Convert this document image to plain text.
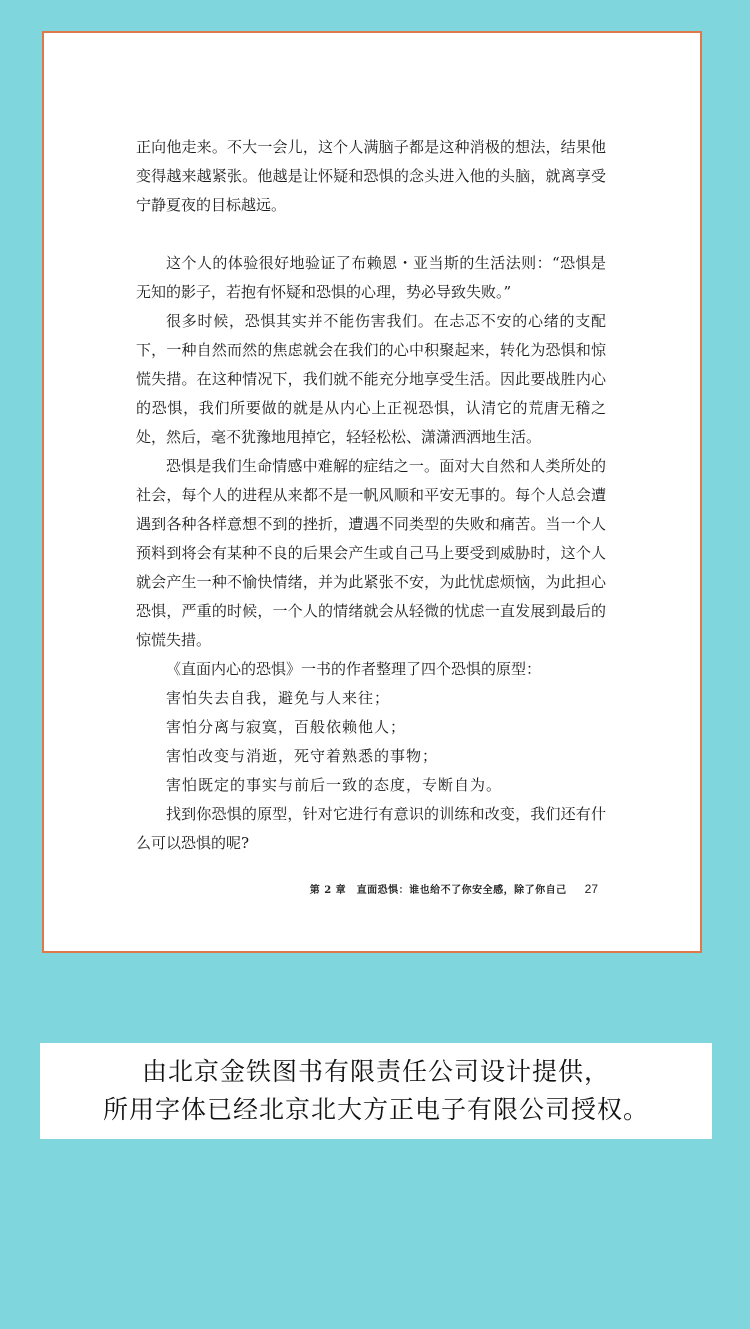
正向他走来。不大一会儿，这个人满脑子都是这种消极的想法，结果他变得越来越紧张。他越是让怀疑和恐惧的念头进入他的头脑，就离享受宁静夏夜的目标越远。

这个人的体验很好地验证了布赖恩・亚当斯的生活法则：“恐惧是无知的影子，若抱有怀疑和恐惧的心理，势必导致失败。”

很多时候，恐惧其实并不能伤害我们。在忐忑不安的心绪的支配下，一种自然而然的焦虑就会在我们的心中积聚起来，转化为恐惧和惊慌失措。在这种情况下，我们就不能充分地享受生活。因此要战胜内心的恐惧，我们所要做的就是从内心上正视恐惧，认清它的荒唐无稽之处，然后，毫不犹豫地甩掉它，轻轻松松、潇潇洒洒地生活。

恐惧是我们生命情感中难解的症结之一。面对大自然和人类所处的社会，每个人的进程从来都不是一帆风顺和平安无事的。每个人总会遭遇到各种各样意想不到的挫折，遭遇不同类型的失败和痛苦。当一个人预料到将会有某种不良的后果会产生或自己马上要受到威胁时，这个人就会产生一种不愉快情绪，并为此紧张不安，为此忧虑烦恼，为此担心恐惧，严重的时候，一个人的情绪就会从轻微的忧虑一直发展到最后的惊慌失措。

《直面内心的恐惧》一书的作者整理了四个恐惧的原型：

害怕失去自我，避免与人来往；

害怕分离与寂寞，百般依赖他人；

害怕改变与消逝，死守着熟悉的事物；

害怕既定的事实与前后一致的态度，专断自为。

找到你恐惧的原型，针对它进行有意识的训练和改变，我们还有什么可以恐惧的呢?

第 2 章　直面恐惧：谁也给不了你安全感，除了你自己 27
由北京金铁图书有限责任公司设计提供，
所用字体已经北京北大方正电子有限公司授权。
